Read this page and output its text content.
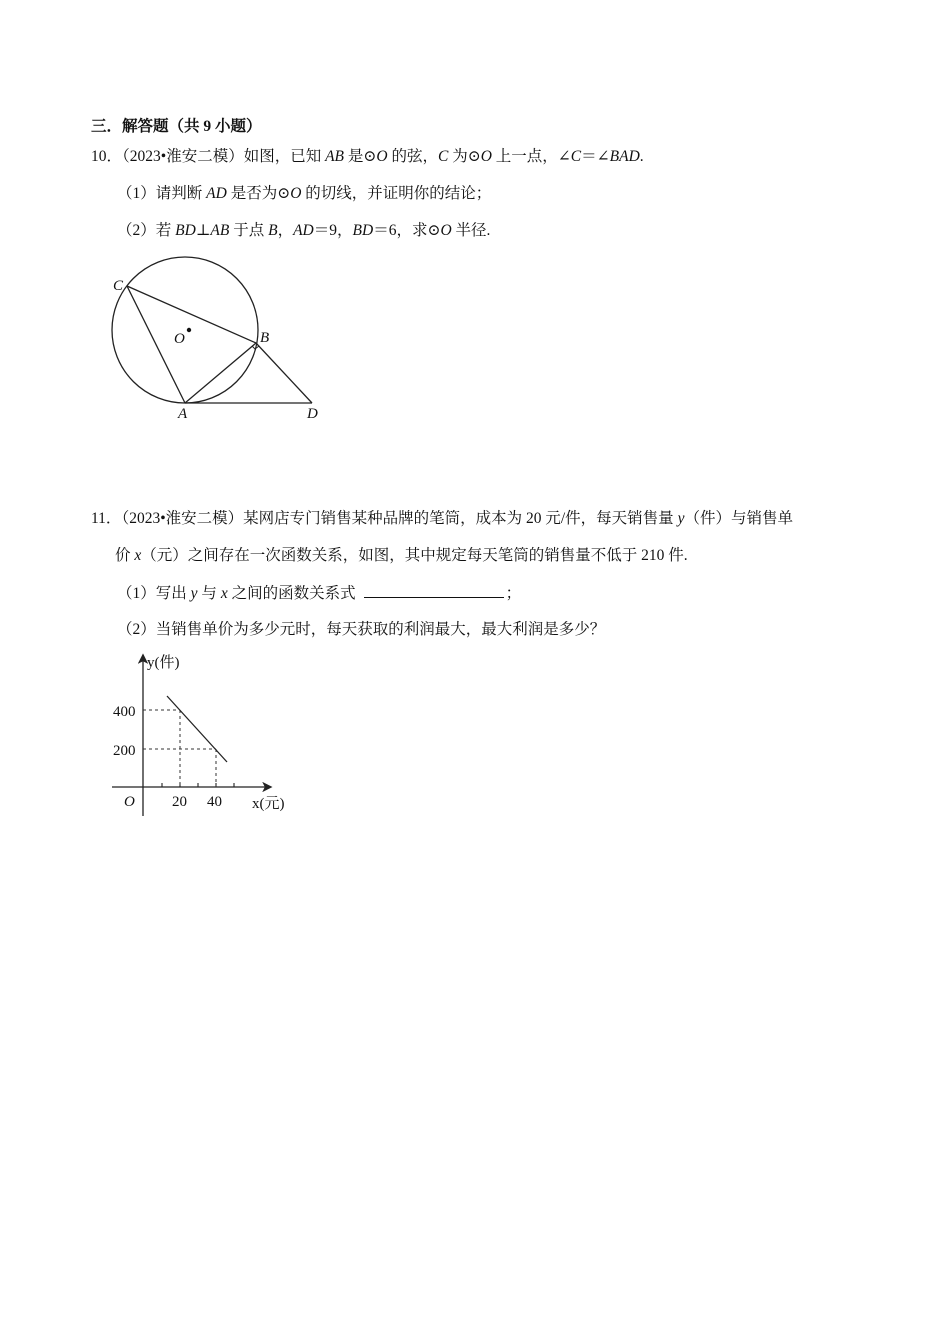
三．解答题（共 9 小题）
10．（2023•淮安二模）如图，已知 AB 是⊙O 的弦，C 为⊙O 上一点，∠C＝∠BAD.
（1）请判断 AD 是否为⊙O 的切线，并证明你的结论；
（2）若 BD⊥AB 于点 B，AD＝9，BD＝6，求⊙O 半径.
C
O	B
A	D
11．（2023•淮安二模）某网店专门销售某种品牌的笔筒，成本为 20 元/件，每天销售量 y（件）与销售单
价 x（元）之间存在一次函数关系，如图，其中规定每天笔筒的销售量不低于 210 件.
（1）写出 y 与 x 之间的函数关系式	；
（2）当销售单价为多少元时，每天获取的利润最大，最大利润是多少？
y(件)
400
200
O 20 40 x(元)
